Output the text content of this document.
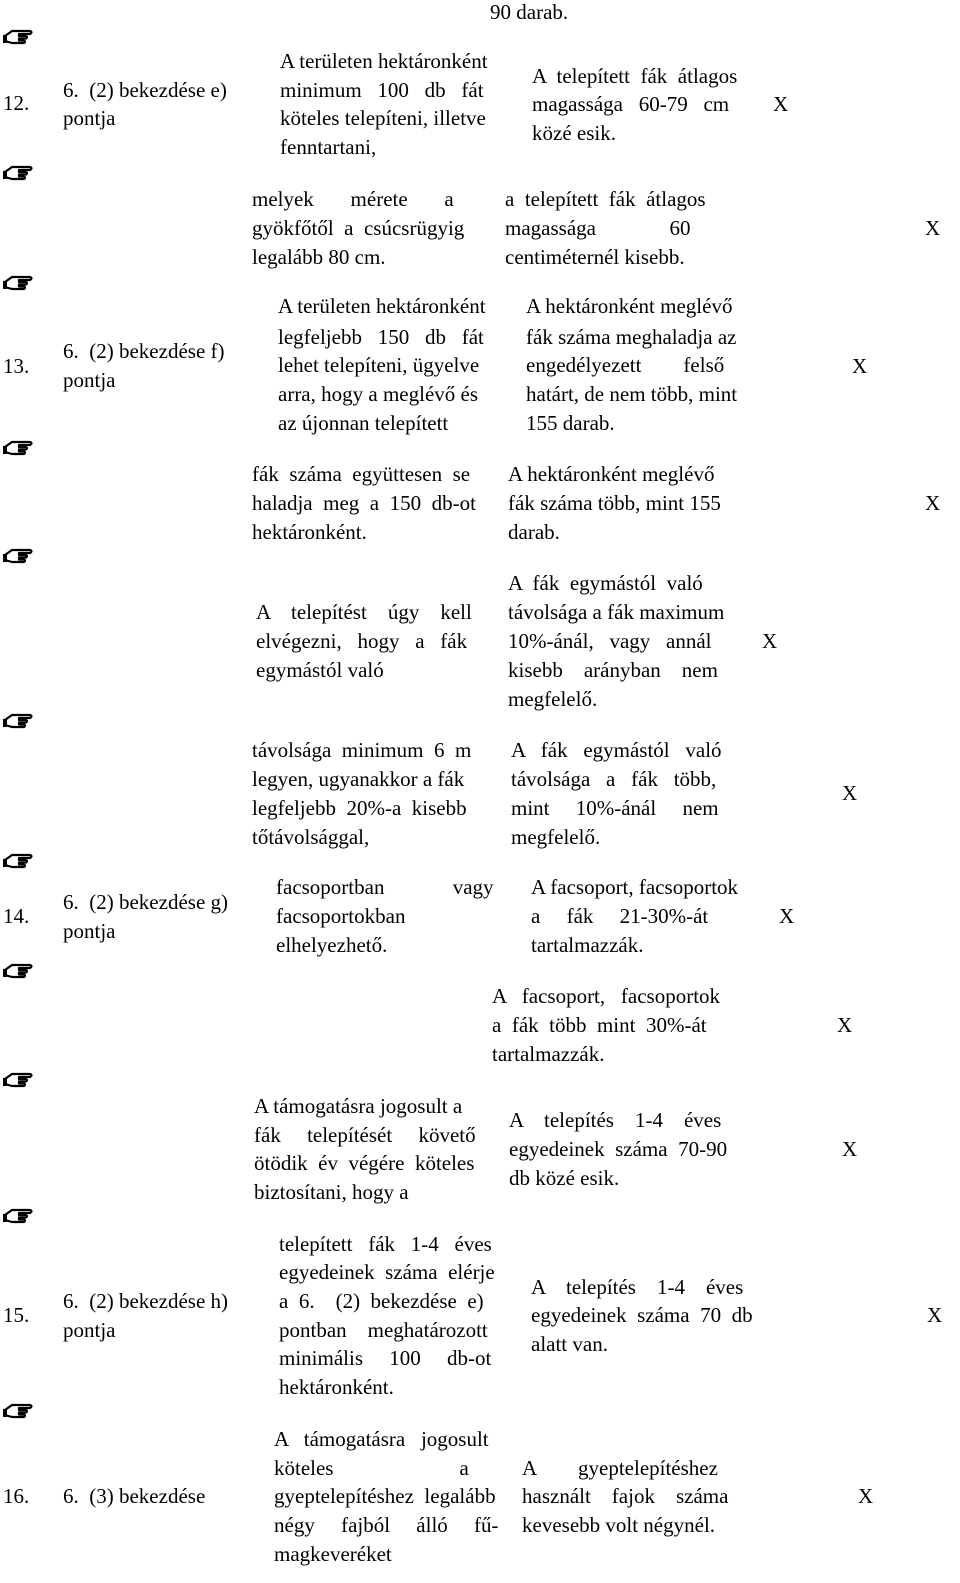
90 darab.
12.
6.  (2) bekezdése e)
pontja
A területen hektáronként
minimum   100   db   fát
köteles telepíteni, illetve
fenntartani,
A  telepített  fák  átlagos
magassága   60-79   cm
közé esik.
X
melyek       mérete       a
gyökfőtől  a  csúcsrügyig
legalább 80 cm.
a  telepített  fák  átlagos
magassága              60
centiméternél kisebb.
X
13.
6.  (2) bekezdése f)
pontja
A területen hektáronként
legfeljebb   150   db   fát
lehet telepíteni, ügyelve
arra, hogy a meglévő és
az újonnan telepített
A hektáronként meglévő
fák száma meghaladja az
engedélyezett        felső
határt, de nem több, mint
155 darab.
X
fák  száma  együttesen  se
haladja  meg  a  150  db-ot
hektáronként.
A hektáronként meglévő
fák száma több, mint 155
darab.
X
A    telepítést    úgy    kell
elvégezni,   hogy   a   fák
egymástól való
A  fák  egymástól  való
távolsága a fák maximum
10%-ánál,   vagy   annál
kisebb    arányban    nem
megfelelő.
X
távolsága  minimum  6  m
legyen, ugyanakkor a fák
legfeljebb  20%-a  kisebb
tőtávolsággal,
A   fák   egymástól   való
távolsága   a   fák   több,
mint     10%-ánál     nem
megfelelő.
X
14.
6.  (2) bekezdése g)
pontja
facsoportban             vagy
facsoportokban
elhelyezhető.
A facsoport, facsoportok
a     fák     21-30%-át
tartalmazzák.
X
A   facsoport,   facsoportok
a  fák  több  mint  30%-át
tartalmazzák.
X
A támogatásra jogosult a
fák     telepítését     követő
ötödik  év  végére  köteles
biztosítani, hogy a
A    telepítés    1-4    éves
egyedeinek  száma  70-90
db közé esik.
X
15.
6.  (2) bekezdése h)
pontja
telepített   fák   1-4   éves
egyedeinek  száma  elérje
a  6.    (2)  bekezdése  e)
pontban    meghatározott
minimális     100     db-ot
hektáronként.
A    telepítés    1-4    éves
egyedeinek  száma  70  db
alatt van.
X
16. 6.  (3) bekezdése
A   támogatásra   jogosult
köteles                        a
gyeptelepítéshez  legalább
négy     fajból     álló     fű-
magkeveréket
A        gyeptelepítéshez
használt    fajok    száma
kevesebb volt négynél.
X
